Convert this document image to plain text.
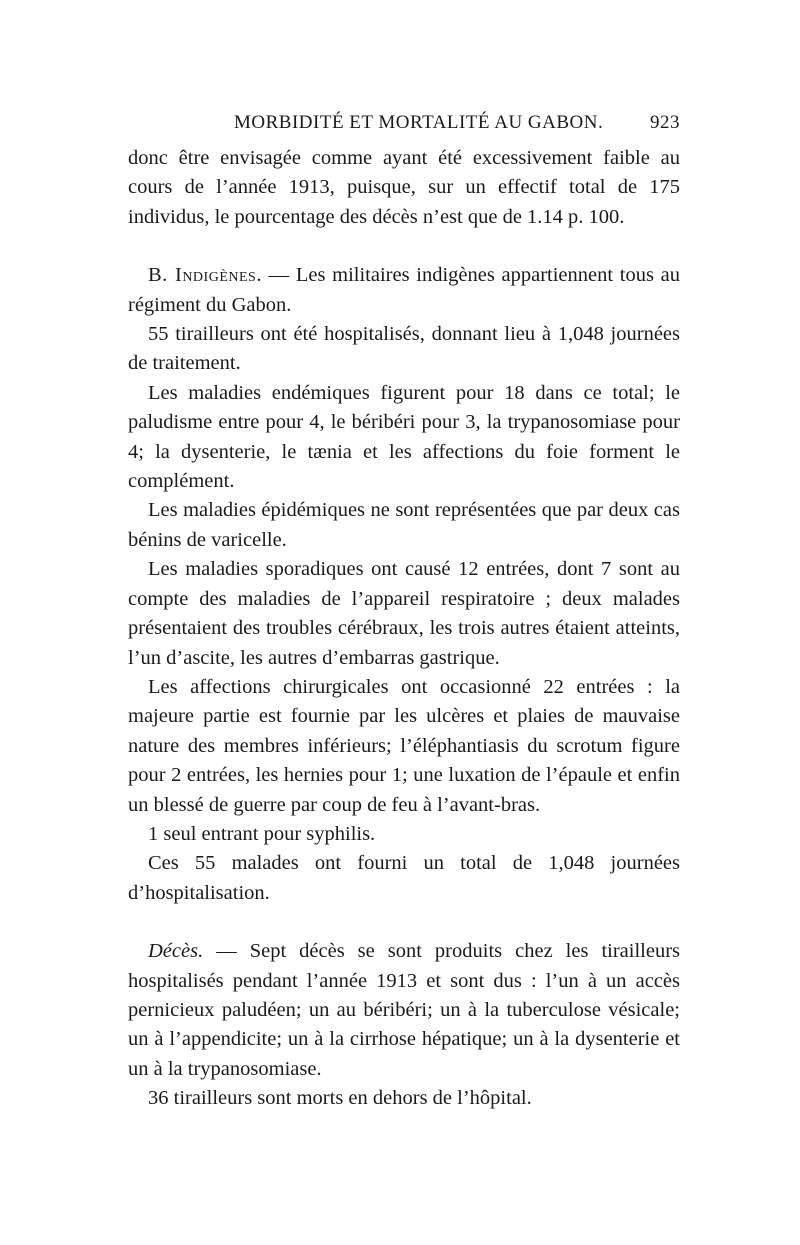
MORBIDITÉ ET MORTALITÉ AU GABON. 923

donc être envisagée comme ayant été excessivement faible au cours de l’année 1913, puisque, sur un effectif total de 175 individus, le pourcentage des décès n’est que de 1.14 p. 100.

B. Indigènes. — Les militaires indigènes appartiennent tous au régiment du Gabon.

55 tirailleurs ont été hospitalisés, donnant lieu à 1,048 journées de traitement.

Les maladies endémiques figurent pour 18 dans ce total; le paludisme entre pour 4, le béribéri pour 3, la trypanosomiase pour 4; la dysenterie, le tænia et les affections du foie forment le complément.

Les maladies épidémiques ne sont représentées que par deux cas bénins de varicelle.

Les maladies sporadiques ont causé 12 entrées, dont 7 sont au compte des maladies de l’appareil respiratoire ; deux malades présentaient des troubles cérébraux, les trois autres étaient atteints, l’un d’ascite, les autres d’embarras gastrique.

Les affections chirurgicales ont occasionné 22 entrées : la majeure partie est fournie par les ulcères et plaies de mauvaise nature des membres inférieurs; l’éléphantiasis du scrotum figure pour 2 entrées, les hernies pour 1; une luxation de l’épaule et enfin un blessé de guerre par coup de feu à l’avant-bras.

1 seul entrant pour syphilis.

Ces 55 malades ont fourni un total de 1,048 journées d’hospitalisation.

Décès. — Sept décès se sont produits chez les tirailleurs hospitalisés pendant l’année 1913 et sont dus : l’un à un accès pernicieux paludéen; un au béribéri; un à la tuberculose vésicale; un à l’appendicite; un à la cirrhose hépatique; un à la dysenterie et un à la trypanosomiase.

36 tirailleurs sont morts en dehors de l’hôpital.
